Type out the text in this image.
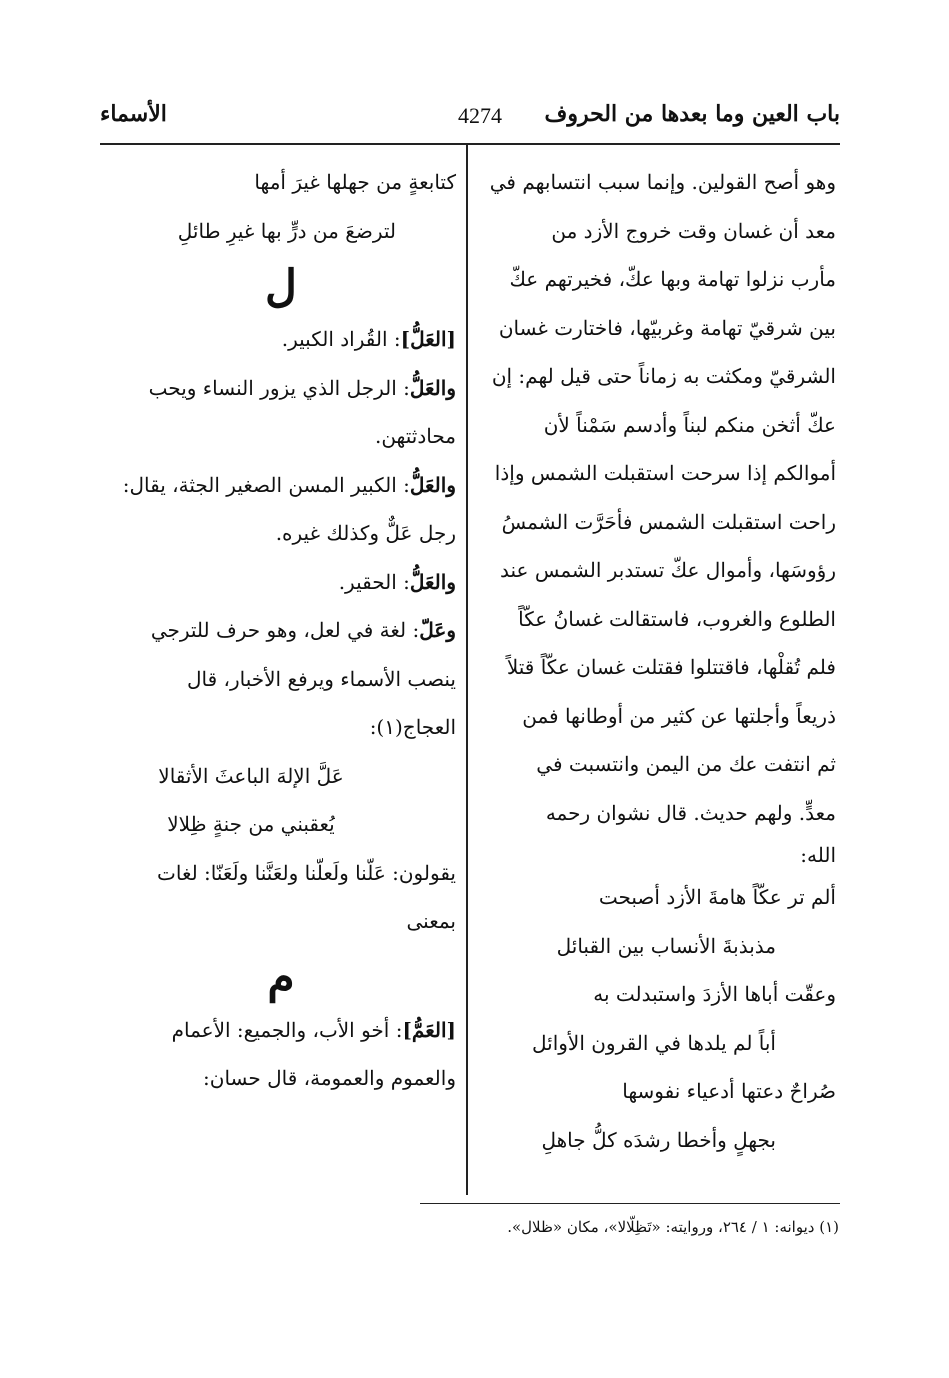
باب العين وما بعدها من الحروف
4274
الأسماء
وهو أصح القولين. وإنما سبب انتسابهم في
معد أن غسان وقت خروج الأزد من
مأرب نزلوا تهامة وبها عكّ، فخيرتهم عكّ
بين شرقيّ تهامة وغربيّها، فاختارت غسان
الشرقيّ ومكثت به زماناً حتى قيل لهم: إن
عكّ أثخن منكم لبناً وأدسم سَمْناً لأن
أموالكم إذا سرحت استقبلت الشمس وإذا
راحت استقبلت الشمس فأحَرَّت الشمسُ
رؤوسَها، وأموال عكّ تستدبر الشمس عند
الطلوع والغروب، فاستقالت غسانُ عكّاً
فلم تُقلْها، فاقتتلوا فقتلت غسان عكّاً قتلاً
ذريعاً وأجلتها عن كثير من أوطانها فمن
ثم انتفت عك من اليمن وانتسبت في
معدٍّ. ولهم حديث. قال نشوان رحمه
الله:
ألم تر عكّاً هامةَ الأزد أصبحت
مذبذبةَ الأنساب بين القبائل
وعقّت أباها الأزدَ واستبدلت به
أباً لم يلدها في القرون الأوائل
صُراحٌ دعتها أدعياء نفوسها
بجهلٍ وأخطا رشدَه كلُّ جاهلِ
كتابعةٍ من جهلها غيرَ أمها
لترضعَ من درٍّ بها غيرِ طائلِ
ل
[العَلُّ]: القُراد الكبير.
والعَلُّ: الرجل الذي يزور النساء ويحب
محادثتهن.
والعَلُّ: الكبير المسن الصغير الجثة، يقال:
رجل عَلٌّ وكذلك غيره.
والعَلُّ: الحقير.
وعَلّ: لغة في لعل، وهو حرف للترجي
ينصب الأسماء ويرفع الأخبار، قال
العجاج(١):
عَلَّ الإلهَ الباعثَ الأثقالا
يُعقبني من جنةٍ ظِلالا
يقولون: عَلّنا ولَعلّنا ولعَنَّنا ولَعَنّا: لغات
بمعنى
م
[العَمُّ]: أخو الأب، والجميع: الأعمام
والعموم والعمومة، قال حسان:
(١) ديوانه: ١ / ٢٦٤، وروايته: «تَظِلّالا»، مكان «ظلال».
